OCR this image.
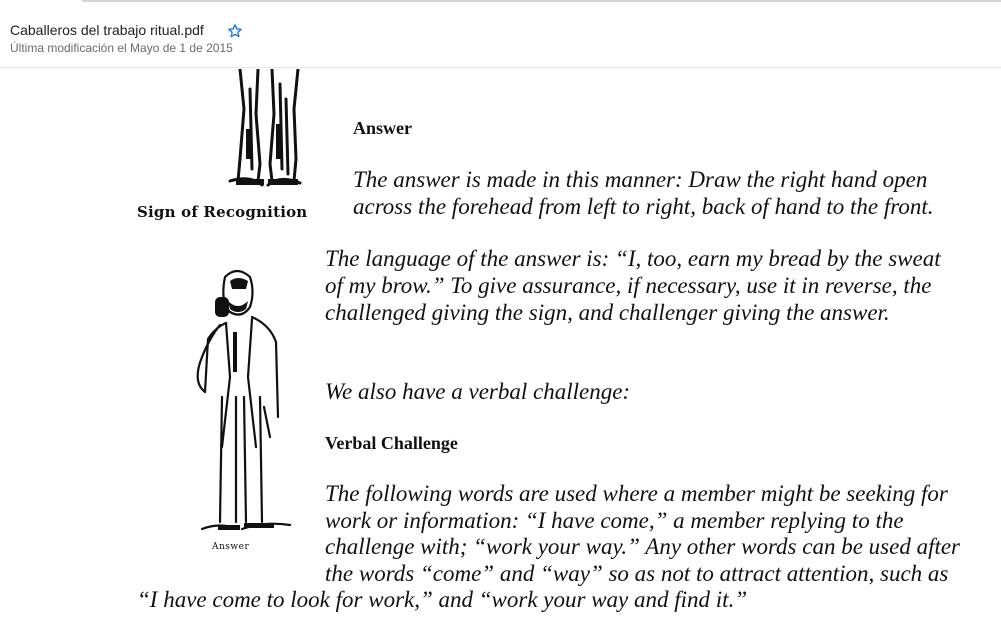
Caballeros del trabajo ritual.pdf
Última modificación el Mayo de 1 de 2015
Sign of Recognition
Answer
Answer
The answer is made in this manner: Draw the right hand open
across the forehead from left to right, back of hand to the front.
The language of the answer is: “I, too, earn my bread by the sweat
of my brow.” To give assurance, if necessary, use it in reverse, the
challenged giving the sign, and challenger giving the answer.
We also have a verbal challenge:
Verbal Challenge
The following words are used where a member might be seeking for
work or information: “I have come,” a member replying to the
challenge with; “work your way.” Any other words can be used after
the words “come” and “way” so as not to attract attention, such as
“I have come to look for work,” and “work your way and find it.”
